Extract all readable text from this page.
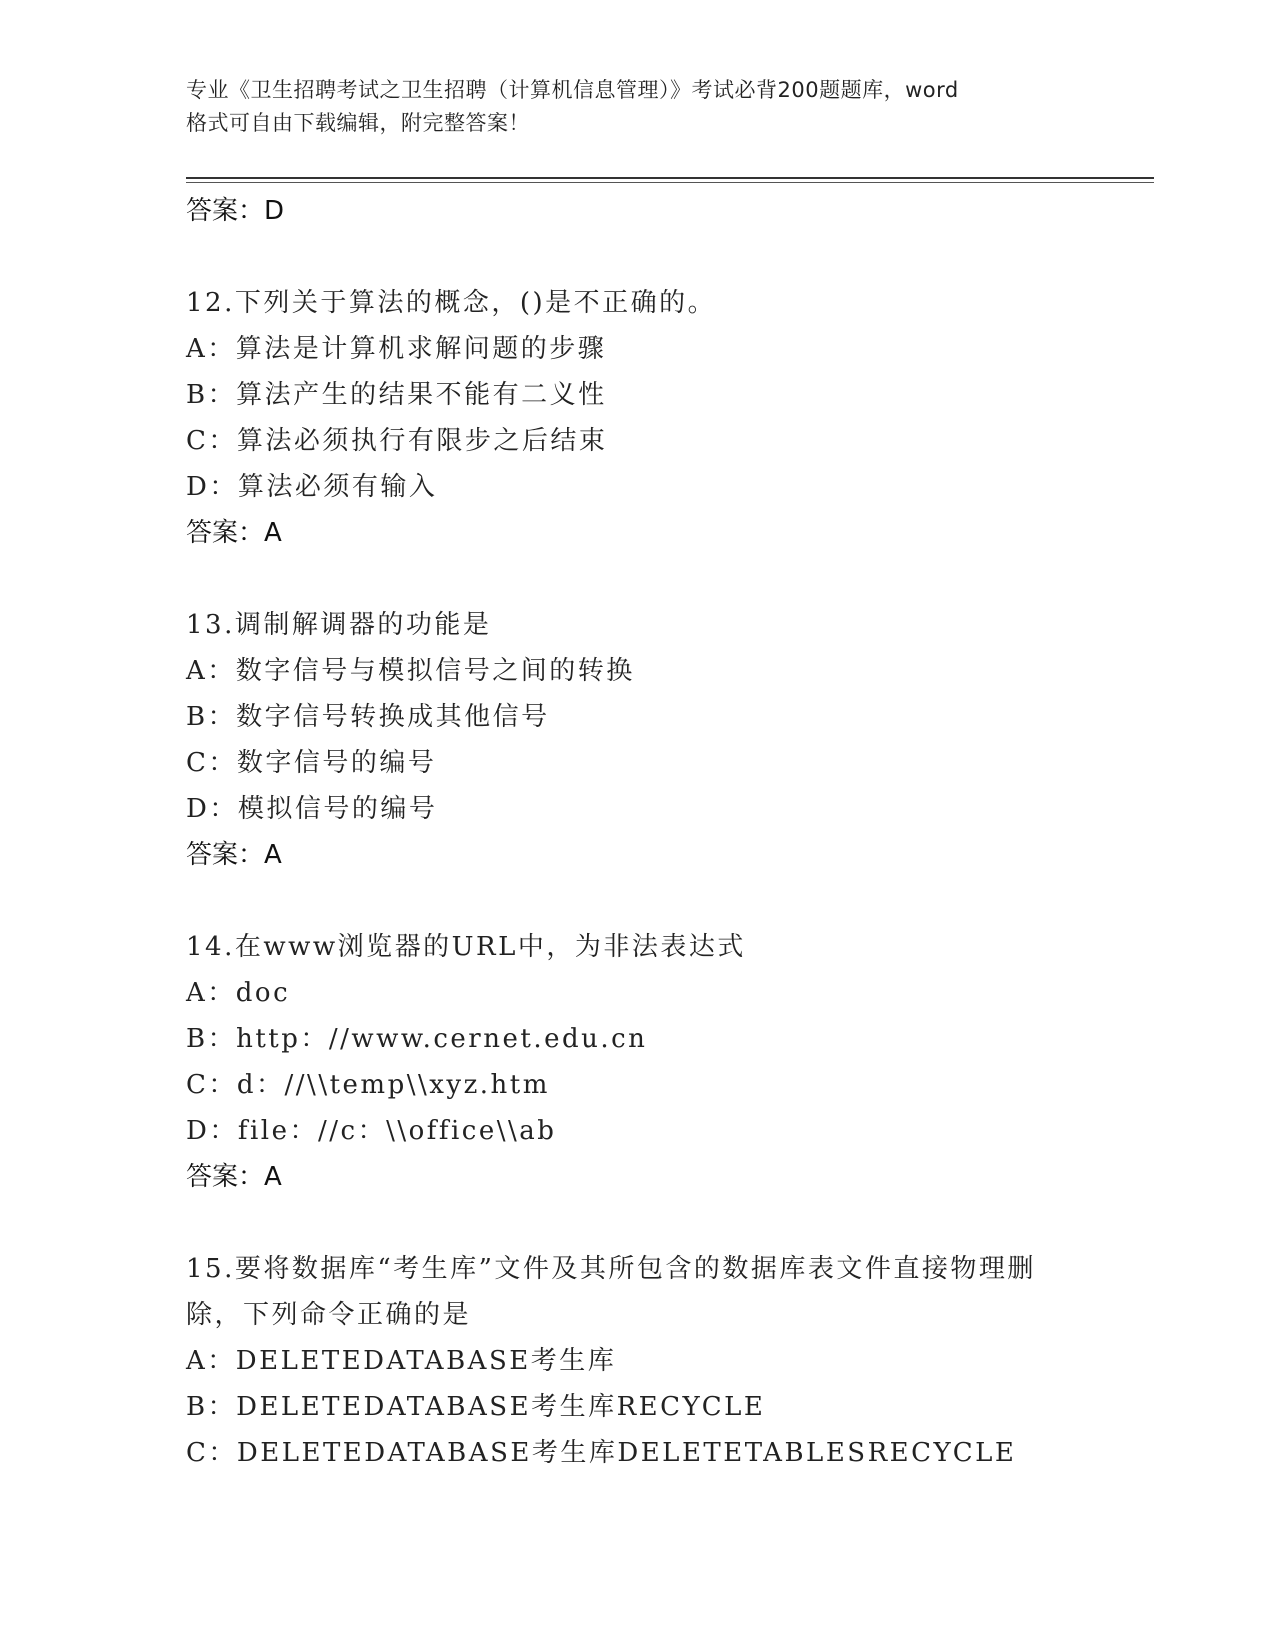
专业《卫生招聘考试之卫生招聘（计算机信息管理）》考试必背200题题库，word
格式可自由下载编辑，附完整答案！
答案：D
12.下列关于算法的概念，()是不正确的。
A：算法是计算机求解问题的步骤
B：算法产生的结果不能有二义性
C：算法必须执行有限步之后结束
D：算法必须有输入
答案：A
13.调制解调器的功能是
A：数字信号与模拟信号之间的转换
B：数字信号转换成其他信号
C：数字信号的编号
D：模拟信号的编号
答案：A
14.在www浏览器的URL中，为非法表达式
A：doc
B：http：//www.cernet.edu.cn
C：d：//\\temp\\xyz.htm
D：file：//c：\\office\\ab
答案：A
15.要将数据库“考生库”文件及其所包含的数据库表文件直接物理删
除，下列命令正确的是
A：DELETEDATABASE考生库
B：DELETEDATABASE考生库RECYCLE
C：DELETEDATABASE考生库DELETETABLESRECYCLE
